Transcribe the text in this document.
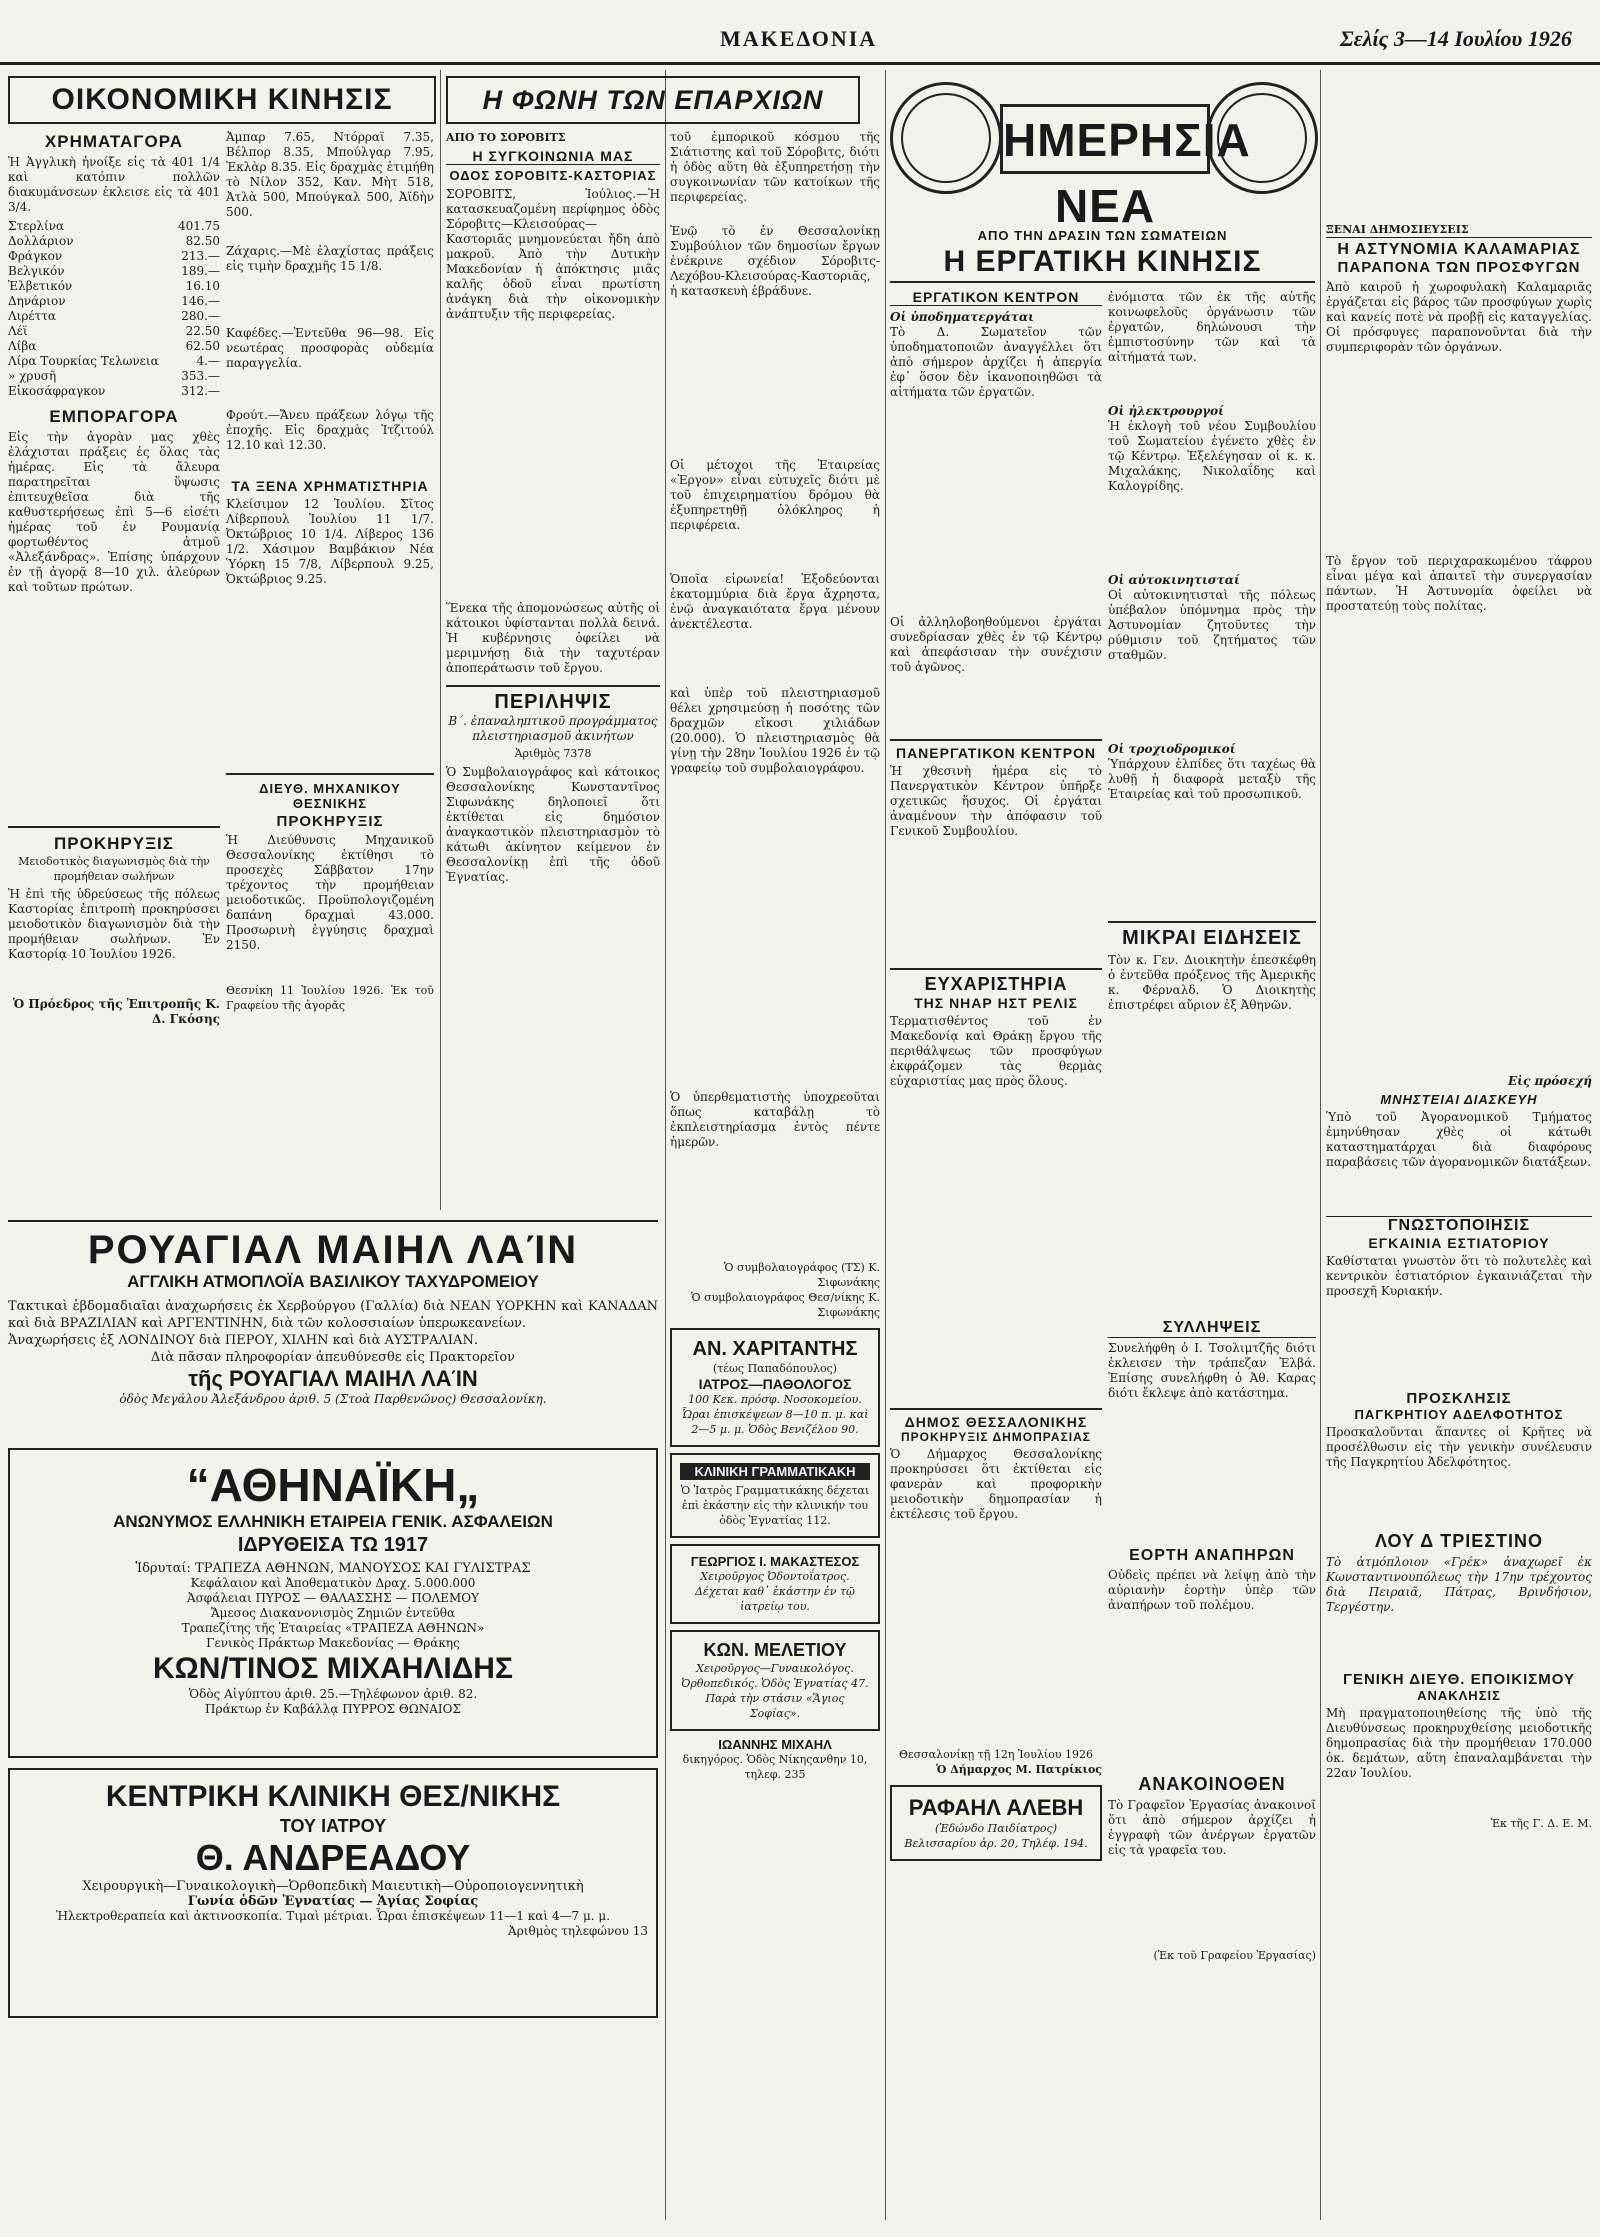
ΜΑΚΕΔΟΝΙΑ	Σελίς 3—14 Ιουλίου 1926
ΟΙΚΟΝΟΜΙΚΗ ΚΙΝΗΣΙΣ
ΧΡΗΜΑΤΑΓΟΡΑ
Ἡ Ἀγγλικὴ ἠνοίξε εἰς τὰ 401 1/4 καὶ κατόπιν πολλῶν διακυμάνσεων ἐκλεισε εἰς τὰ 401 3/4.
Στερλίνα	401.75
Δολλάριον	82.50
Φράγκον	213.—
Βελγικόν	189.—
Ἑλβετικόν	16.10
Δηνάριον	146.—
Λιρέττα	280.—
Λέϊ	22.50
Λίβα	62.50
Λίρα Τουρκίας Τελωνεια	4.—
» χρυσῆ	353.—
Εἰκοσάφραγκον	312.—
ΕΜΠΟΡΑΓΟΡΑ
Εἰς τὴν ἀγορὰν μας χθὲς ἐλάχισται πράξεις ἐς ὅλας τὰς ἡμέρας. Εἰς τὰ ἄλευρα παρατηρεῖται ὕψωσις ἐπιτευχθεῖσα διὰ τῆς καθυστερήσεως ἐπὶ 5—6 εἰσέτι ἡμέρας τοῦ ἐν Ρουμανίᾳ φορτωθέντος ἀτμοῦ «Ἀλεξάνδρας». Ἐπίσης ὑπάρχουν ἐν τῇ ἀγορᾷ 8—10 χιλ. ἀλεύρων καὶ τοῦτων πρώτων.
ΠΡΟΚΗΡΥΞΙΣ
Μειοδοτικὸς διαγωνισμὸς διὰ τὴν προμήθειαν σωλήνων
Ἡ ἐπὶ τῆς ὑδρεύσεως τῆς πόλεως Καστορίας ἐπιτροπὴ προκηρύσσει μειοδοτικὸν διαγωνισμὸν διὰ τὴν προμήθειαν σωλήνων. Ἐν Καστορίᾳ 10 Ἰουλίου 1926.
Ὁ Πρόεδρος τῆς Ἐπιτροπῆς Κ. Δ. Γκόσης
Ἀμπαρ 7.65, Ντόρραϊ 7.35, Βέλπορ 8.35, Μπούλγαρ 7.95, Ἐκλὰρ 8.35. Εἰς δραχμὰς ἐτιμήθη τὸ Νίλον 352, Καν. Μὴτ 518, Ἀτλὰ 500, Μπούγκαλ 500, Ἀϊδὴν 500.
Ζάχαρις.—Μὲ ἐλαχίστας πράξεις εἰς τιμὴν δραχμῆς 15 1/8.
Καφέδες.—Ἐντεῦθα 96—98. Εἰς νεωτέρας προσφορὰς οὐδεμία παραγγελία.
Φρούτ.—Ἄνευ πράξεων λόγῳ τῆς ἐποχῆς. Εἰς δραχμὰς Ἰτζιτούλ 12.10 καὶ 12.30.
ΤΑ ΞΕΝΑ ΧΡΗΜΑΤΙΣΤΗΡΙΑ
Κλείσιμον 12 Ἰουλίου. Σῖτος Λίβερπουλ Ἰουλίου 11 1/7. Ὀκτώβριος 10 1/4. Λίβερος 136 1/2. Χάσιμον Βαμβάκιον Νέα Ὑόρκη 15 7/8, Λίβερπουλ 9.25, Ὀκτώβριος 9.25.
ΔΙΕΥΘ. ΜΗΧΑΝΙΚΟΥ ΘΕΣΝΙΚΗΣ
ΠΡΟΚΗΡΥΞΙΣ
Ἡ Διεύθυνσις Μηχανικοῦ Θεσσαλονίκης ἐκτίθησι τὸ προσεχὲς Σάββατον 17ην τρέχοντος τὴν προμήθειαν μειοδοτικῶς. Προϋπολογιζομένη δαπάνη δραχμαὶ 43.000. Προσωρινὴ ἐγγύησις δραχμαὶ 2150.
Θεσνίκη 11 Ἰουλίου 1926. Ἐκ τοῦ Γραφείου τῆς ἀγορᾶς
ΡΟΥΑΓΙΑΛ ΜΑΙΗΛ ΛΑΊΝ
ΑΓΓΛΙΚΗ ΑΤΜΟΠΛΟΪΑ ΒΑΣΙΛΙΚΟΥ ΤΑΧΥΔΡΟΜΕΙΟΥ
Τακτικαὶ ἑβδομαδιαῖαι ἀναχωρήσεις ἐκ Χερβούργου (Γαλλία) διὰ ΝΕΑΝ ΥΟΡΚΗΝ καὶ ΚΑΝΑΔΑΝ καὶ διὰ ΒΡΑΖΙΛΙΑΝ καὶ ΑΡΓΕΝΤΙΝΗΝ, διὰ τῶν κολοσσιαίων ὑπερωκεανείων.
Ἀναχωρήσεις ἐξ ΛΟΝΔΙΝΟΥ διὰ ΠΕΡΟΥ, ΧΙΛΗΝ καὶ διὰ ΑΥΣΤΡΑΛΙΑΝ.
Διὰ πᾶσαν πληροφορίαν ἀπευθύνεσθε εἰς Πρακτορεῖον
τῆς ΡΟΥΑΓΙΑΛ ΜΑΙΗΛ ΛΑΊΝ
ὁδὸς Μεγάλου Ἀλεξάνδρου ἀριθ. 5 (Στοὰ Παρθενῶνος) Θεσσαλονίκη.
“ΑΘΗΝΑΪΚΗ„
ΑΝΩΝΥΜΟΣ ΕΛΛΗΝΙΚΗ ΕΤΑΙΡΕΙΑ ΓΕΝΙΚ. ΑΣΦΑΛΕΙΩΝ
ΙΔΡΥΘΕΙΣΑ ΤΩ 1917
Ἱδρυταί: ΤΡΑΠΕΖΑ ΑΘΗΝΩΝ, ΜΑΝΟΥΣΟΣ ΚΑΙ ΓΥΛΙΣΤΡΑΣ
Κεφάλαιον καὶ Ἀποθεματικὸν Δραχ. 5.000.000
Ἀσφάλειαι ΠΥΡΟΣ — ΘΑΛΑΣΣΗΣ — ΠΟΛΕΜΟΥ
Ἄμεσος Διακανονισμὸς Ζημιῶν ἐντεῦθα
Τραπεζίτης τῆς Ἑταιρείας «ΤΡΑΠΕΖΑ ΑΘΗΝΩΝ»
Γενικὸς Πράκτωρ Μακεδονίας — Θράκης
ΚΩΝ/ΤΙΝΟΣ ΜΙΧΑΗΛΙΔΗΣ
Ὁδὸς Αἰγύπτου ἀριθ. 25.—Τηλέφωνον ἀριθ. 82.
Πράκτωρ ἐν Καβάλλᾳ ΠΥΡΡΟΣ ΘΩΝΑΙΟΣ
ΚΕΝΤΡΙΚΗ ΚΛΙΝΙΚΗ ΘΕΣ/ΝΙΚΗΣ
ΤΟΥ ΙΑΤΡΟΥ
Θ. ΑΝΔΡΕΑΔΟΥ
Χειρουργικὴ—Γυναικολογικὴ—Ὀρθοπεδικὴ Μαιευτικὴ—Οὐροποιογεννητικὴ
Γωνία ὁδῶν Ἐγνατίας — Ἁγίας Σοφίας
Ἠλεκτροθεραπεία καὶ ἀκτινοσκοπία. Τιμαὶ μέτριαι. Ὧραι ἐπισκέψεων 11—1 καὶ 4—7 μ. μ.
Ἀριθμὸς τηλεφώνου 13
Η ΦΩΝΗ ΤΩΝ ΕΠΑΡΧΙΩΝ
ΑΠΟ ΤΟ ΣΟΡΟΒΙΤΣ
Η ΣΥΓΚΟΙΝΩΝΙΑ ΜΑΣ
ΟΔΟΣ ΣΟΡΟΒΙΤΣ-ΚΑΣΤΟΡΙΑΣ
ΣΟΡΟΒΙΤΣ, Ἰούλιος.—Ἡ κατασκευαζομένη περίφημος ὁδὸς Σόροβιτς—Κλεισούρας—Καστοριᾶς μνημονεύεται ἤδη ἀπὸ μακροῦ. Ἀπὸ τὴν Δυτικὴν Μακεδονίαν ἡ ἀπόκτησις μιᾶς καλῆς ὁδοῦ εἶναι πρωτίστη ἀνάγκη διὰ τὴν οἰκονομικὴν ἀνάπτυξιν τῆς περιφερείας.
Ἕνεκα τῆς ἀπομονώσεως αὐτῆς οἱ κάτοικοι ὑφίστανται πολλὰ δεινά. Ἡ κυβέρνησις ὀφείλει νὰ μεριμνήσῃ διὰ τὴν ταχυτέραν ἀποπεράτωσιν τοῦ ἔργου.
ΠΕΡΙΛΗΨΙΣ
Β΄. ἐπαναληπτικοῦ προγράμματος πλειστηριασμοῦ ἀκινήτων
Ἀριθμὸς 7378
Ὁ Συμβολαιογράφος καὶ κάτοικος Θεσσαλονίκης Κωνσταντῖνος Σιφωνάκης δηλοποιεῖ ὅτι ἐκτίθεται εἰς δημόσιον ἀναγκαστικὸν πλειστηριασμὸν τὸ κάτωθι ἀκίνητον κείμενον ἐν Θεσσαλονίκῃ ἐπὶ τῆς ὁδοῦ Ἐγνατίας.
τοῦ ἐμπορικοῦ κόσμου τῆς Σιάτιστης καὶ τοῦ Σόροβιτς, διότι ἡ ὁδὸς αὕτη θὰ ἐξυπηρετήσῃ τὴν συγκοινωνίαν τῶν κατοίκων τῆς περιφερείας.
Ἐνῷ τὸ ἐν Θεσσαλονίκῃ Συμβούλιον τῶν δημοσίων ἔργων ἐνέκρινε σχέδιον Σόροβιτς-Λεχόβου-Κλεισούρας-Καστοριᾶς, ἡ κατασκευὴ ἐβράδυνε.
Οἱ μέτοχοι τῆς Ἑταιρείας «Ἐργον» εἶναι εὐτυχεῖς διότι μὲ τοῦ ἐπιχειρηματίου δρόμου θὰ ἐξυπηρετηθῇ ὁλόκληρος ἡ περιφέρεια.
Ὁποῖα εἰρωνεία! Ἐξοδεύονται ἑκατομμύρια διὰ ἔργα ἄχρηστα, ἐνῷ ἀναγκαιότατα ἔργα μένουν ἀνεκτέλεστα.
καὶ ὑπὲρ τοῦ πλειστηριασμοῦ θέλει χρησιμεύσῃ ἡ ποσότης τῶν δραχμῶν εἴκοσι χιλιάδων (20.000). Ὁ πλειστηριασμὸς θὰ γίνῃ τὴν 28ην Ἰουλίου 1926 ἐν τῷ γραφείῳ τοῦ συμβολαιογράφου.
Ὁ ὑπερθεματιστὴς ὑποχρεοῦται ὅπως καταβάλῃ τὸ ἐκπλειστηρίασμα ἐντὸς πέντε ἡμερῶν.
Ὁ συμβολαιογράφος (ΤΣ) Κ. Σιφωνάκης
Ὁ συμβολαιογράφος Θεσ/νίκης Κ. Σιφωνάκης
ΑΝ. ΧΑΡΙΤΑΝΤΗΣ
(τέως Παπαδόπουλος)
ΙΑΤΡΟΣ—ΠΑΘΟΛΟΓΟΣ
100 Κεκ. πρόσφ. Νοσοκομείου. Ὧραι ἐπισκέψεων 8—10 π. μ. καὶ 2—5 μ. μ. Ὁδὸς Βενιζέλου 90.
ΚΛΙΝΙΚΗ ΓΡΑΜΜΑΤΙΚΑΚΗ
Ὁ Ἰατρὸς Γραμματικάκης δέχεται ἐπὶ ἐκάστην εἰς τὴν κλινικήν του ὁδὸς Ἐγνατίας 112.
ΓΕΩΡΓΙΟΣ Ι. ΜΑΚΑΣΤΕΣΟΣ
Χειροῦργος Ὀδοντοΐατρος. Δέχεται καθ᾿ ἑκάστην ἐν τῷ ἰατρείῳ του.
ΚΩΝ. ΜΕΛΕΤΙΟΥ
Χειροῦργος—Γυναικολόγος. Ὀρθοπεδικός. Ὁδὸς Ἐγνατίας 47. Παρὰ τὴν στάσιν «Ἅγιος Σοφίας».
ΙΩΑΝΝΗΣ ΜΙΧΑΗΛ
δικηγόρος. Ὁδὸς Νίκηςανθην 10, τηλεφ. 235
ΗΜΕΡΗΣΙΑ ΝΕΑ
ΑΠΟ ΤΗΝ ΔΡΑΣΙΝ ΤΩΝ ΣΩΜΑΤΕΙΩΝ
Η ΕΡΓΑΤΙΚΗ ΚΙΝΗΣΙΣ
ΕΡΓΑΤΙΚΟΝ ΚΕΝΤΡΟΝ
Οἱ ὑποδηματεργάται
Τὸ Δ. Σωματεῖον τῶν ὑποδηματοποιῶν ἀναγγέλλει ὅτι ἀπὸ σήμερον ἀρχίζει ἡ ἀπεργία ἐφ᾿ ὅσον δὲν ἱκανοποιηθῶσι τὰ αἰτήματα τῶν ἐργατῶν.
Οἱ ἀλληλοβοηθούμενοι ἐργάται συνεδρίασαν χθὲς ἐν τῷ Κέντρῳ καὶ ἀπεφάσισαν τὴν συνέχισιν τοῦ ἀγῶνος.
ΠΑΝΕΡΓΑΤΙΚΟΝ ΚΕΝΤΡΟΝ
Ἡ χθεσινὴ ἡμέρα εἰς τὸ Πανεργατικὸν Κέντρον ὑπῆρξε σχετικῶς ἥσυχος. Οἱ ἐργάται ἀναμένουν τὴν ἀπόφασιν τοῦ Γενικοῦ Συμβουλίου.
ΕΥΧΑΡΙΣΤΗΡΙΑ
ΤΗΣ ΝΗΑΡ ΗΣΤ ΡΕΛΙΣ
Τερματισθέντος τοῦ ἐν Μακεδονίᾳ καὶ Θράκῃ ἔργου τῆς περιθάλψεως τῶν προσφύγων ἐκφράζομεν τὰς θερμὰς εὐχαριστίας μας πρὸς ὅλους.
ΔΗΜΟΣ ΘΕΣΣΑΛΟΝΙΚΗΣ
ΠΡΟΚΗΡΥΞΙΣ ΔΗΜΟΠΡΑΣΙΑΣ
Ὁ Δήμαρχος Θεσσαλονίκης προκηρύσσει ὅτι ἐκτίθεται εἰς φανερὰν καὶ προφορικὴν μειοδοτικὴν δημοπρασίαν ἡ ἐκτέλεσις τοῦ ἔργου.
Θεσσαλονίκῃ τῇ 12η Ἰουλίου 1926
Ὁ Δήμαρχος Μ. Πατρίκιος
ΡΑΦΑΗΛ ΑΛΕΒΗ
(Ἐδώνδο Παιδίατρος)
Βελισσαρίου ἀρ. 20, Τηλέφ. 194.
ἐνόμιστα τῶν ἐκ τῆς αὐτῆς κοινωφελοῦς ὀργάνωσιν τῶν ἐργατῶν, δηλώνουσι τὴν ἐμπιστοσύνην τῶν καὶ τὰ αἰτήματά των.
Οἱ ἠλεκτρουργοί
Ἡ ἐκλογὴ τοῦ νέου Συμβουλίου τοῦ Σωματείου ἐγένετο χθὲς ἐν τῷ Κέντρῳ. Ἐξελέγησαν οἱ κ. κ. Μιχαλάκης, Νικολαΐδης καὶ Καλογρίδης.
Οἱ αὐτοκινητισταί
Οἱ αὐτοκινητισταὶ τῆς πόλεως ὑπέβαλον ὑπόμνημα πρὸς τὴν Ἀστυνομίαν ζητοῦντες τὴν ρύθμισιν τοῦ ζητήματος τῶν σταθμῶν.
Οἱ τροχιοδρομικοί
Ὑπάρχουν ἐλπίδες ὅτι ταχέως θὰ λυθῇ ἡ διαφορὰ μεταξὺ τῆς Ἑταιρείας καὶ τοῦ προσωπικοῦ.
ΜΙΚΡΑΙ ΕΙΔΗΣΕΙΣ
Τὸν κ. Γεν. Διοικητὴν ἐπεσκέφθη ὁ ἐντεῦθα πρόξενος τῆς Ἀμερικῆς κ. Φέρναλδ. Ὁ Διοικητὴς ἐπιστρέφει αὔριον ἐξ Ἀθηνῶν.
ΣΥΛΛΗΨΕΙΣ
Συνελήφθη ὁ Ι. Τσολιμτζῆς διότι ἐκλεισεν τὴν τράπεζαν Ἐλβά. Ἐπίσης συνελήφθη ὁ Ἀθ. Καρας διότι ἔκλεψε ἀπὸ κατάστημα.
ΕΟΡΤΗ ΑΝΑΠΗΡΩΝ
Οὐδεὶς πρέπει νὰ λείψῃ ἀπὸ τὴν αὐριανὴν ἑορτὴν ὑπὲρ τῶν ἀναπήρων τοῦ πολέμου.
ΑΝΑΚΟΙΝΟΘΕΝ
Τὸ Γραφεῖον Ἐργασίας ἀνακοινοῖ ὅτι ἀπὸ σήμερον ἀρχίζει ἡ ἐγγραφὴ τῶν ἀνέργων ἐργατῶν εἰς τὰ γραφεῖα του.
(Ἐκ τοῦ Γραφείου Ἐργασίας)
ΞΕΝΑΙ ΔΗΜΟΣΙΕΥΣΕΙΣ
Η ΑΣΤΥΝΟΜΙΑ ΚΑΛΑΜΑΡΙΑΣ
ΠΑΡΑΠΟΝΑ ΤΩΝ ΠΡΟΣΦΥΓΩΝ
Ἀπὸ καιροῦ ἡ χωροφυλακὴ Καλαμαριᾶς ἐργάζεται εἰς βάρος τῶν προσφύγων χωρὶς καὶ κανείς ποτὲ νὰ προβῇ εἰς καταγγελίας. Οἱ πρόσφυγες παραπονοῦνται διὰ τὴν συμπεριφορὰν τῶν ὀργάνων.
Τὸ ἔργον τοῦ περιχαρακωμένου τάφρου εἶναι μέγα καὶ ἀπαιτεῖ τὴν συνεργασίαν πάντων. Ἡ Ἀστυνομία ὀφείλει νὰ προστατεύῃ τοὺς πολίτας.
Εἰς πρόσεχή
ΜΝΗΣΤΕΙΑΙ ΔΙΑΣΚΕΥΗ
Ὑπὸ τοῦ Ἀγορανομικοῦ Τμήματος ἐμηνύθησαν χθὲς οἱ κάτωθι καταστηματάρχαι διὰ διαφόρους παραβάσεις τῶν ἀγορανομικῶν διατάξεων.
ΓΝΩΣΤΟΠΟΙΗΣΙΣ
ΕΓΚΑΙΝΙΑ ΕΣΤΙΑΤΟΡΙΟΥ
Καθίσταται γνωστὸν ὅτι τὸ πολυτελὲς καὶ κεντρικὸν ἑστιατόριον ἐγκαινιάζεται τὴν προσεχῆ Κυριακήν.
ΠΡΟΣΚΛΗΣΙΣ
ΠΑΓΚΡΗΤΙΟΥ ΑΔΕΛΦΟΤΗΤΟΣ
Προσκαλοῦνται ἅπαντες οἱ Κρῆτες νὰ προσέλθωσιν εἰς τὴν γενικὴν συνέλευσιν τῆς Παγκρητίου Ἀδελφότητος.
ΛΟΥ Δ ΤΡΙΕΣΤΙΝΟ
Τὸ ἀτμόπλοιον «Γρέκ» ἀναχωρεῖ ἐκ Κωνσταντινουπόλεως τὴν 17ην τρέχοντος διὰ Πειραιᾶ, Πάτρας, Βρινδήσιον, Τεργέστην.
ΓΕΝΙΚΗ ΔΙΕΥΘ. ΕΠΟΙΚΙΣΜΟΥ
ΑΝΑΚΛΗΣΙΣ
Μὴ πραγματοποιηθείσης τῆς ὑπὸ τῆς Διευθύνσεως προκηρυχθείσης μειοδοτικῆς δημοπρασίας διὰ τὴν προμήθειαν 170.000 ὀκ. δεμάτων, αὕτη ἐπαναλαμβάνεται τὴν 22αν Ἰουλίου.
Ἐκ τῆς Γ. Δ. Ε. Μ.
